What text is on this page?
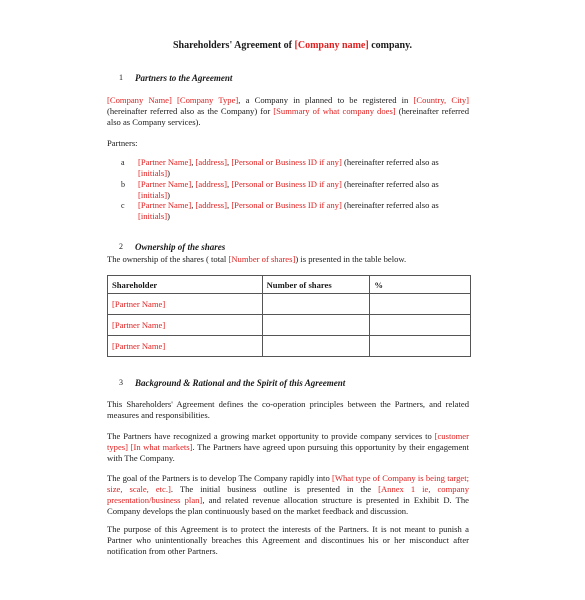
Shareholders' Agreement of [Company name] company.
1 Partners to the Agreement
[Company Name] [Company Type], a Company in planned to be registered in [Country, City] (hereinafter referred also as the Company) for [Summary of what company does] (hereinafter referred also as Company services).
Partners:
a [Partner Name], [address], [Personal or Business ID if any] (hereinafter referred also as [initials])
b [Partner Name], [address], [Personal or Business ID if any] (hereinafter referred also as [initials])
c [Partner Name], [address], [Personal or Business ID if any] (hereinafter referred also as [initials])
2 Ownership of the shares
The ownership of the shares ( total [Number of shares]) is presented in the table below.
Shareholder	Number of shares	%
[Partner Name]		
[Partner Name]		
[Partner Name]		
3 Background & Rational and the Spirit of this Agreement
This Shareholders' Agreement defines the co-operation principles between the Partners, and related measures and responsibilities.
The Partners have recognized a growing market opportunity to provide company services to [customer types] [In what markets]. The Partners have agreed upon pursuing this opportunity by their engagement with The Company.
The goal of the Partners is to develop The Company rapidly into [What type of Company is being target; size, scale, etc.]. The initial business outline is presented in the [Annex 1 ie, company presentation/business plan], and related revenue allocation structure is presented in Exhibit D. The Company develops the plan continuously based on the market feedback and discussion.
The purpose of this Agreement is to protect the interests of the Partners. It is not meant to punish a Partner who unintentionally breaches this Agreement and discontinues his or her misconduct after notification from other Partners.
